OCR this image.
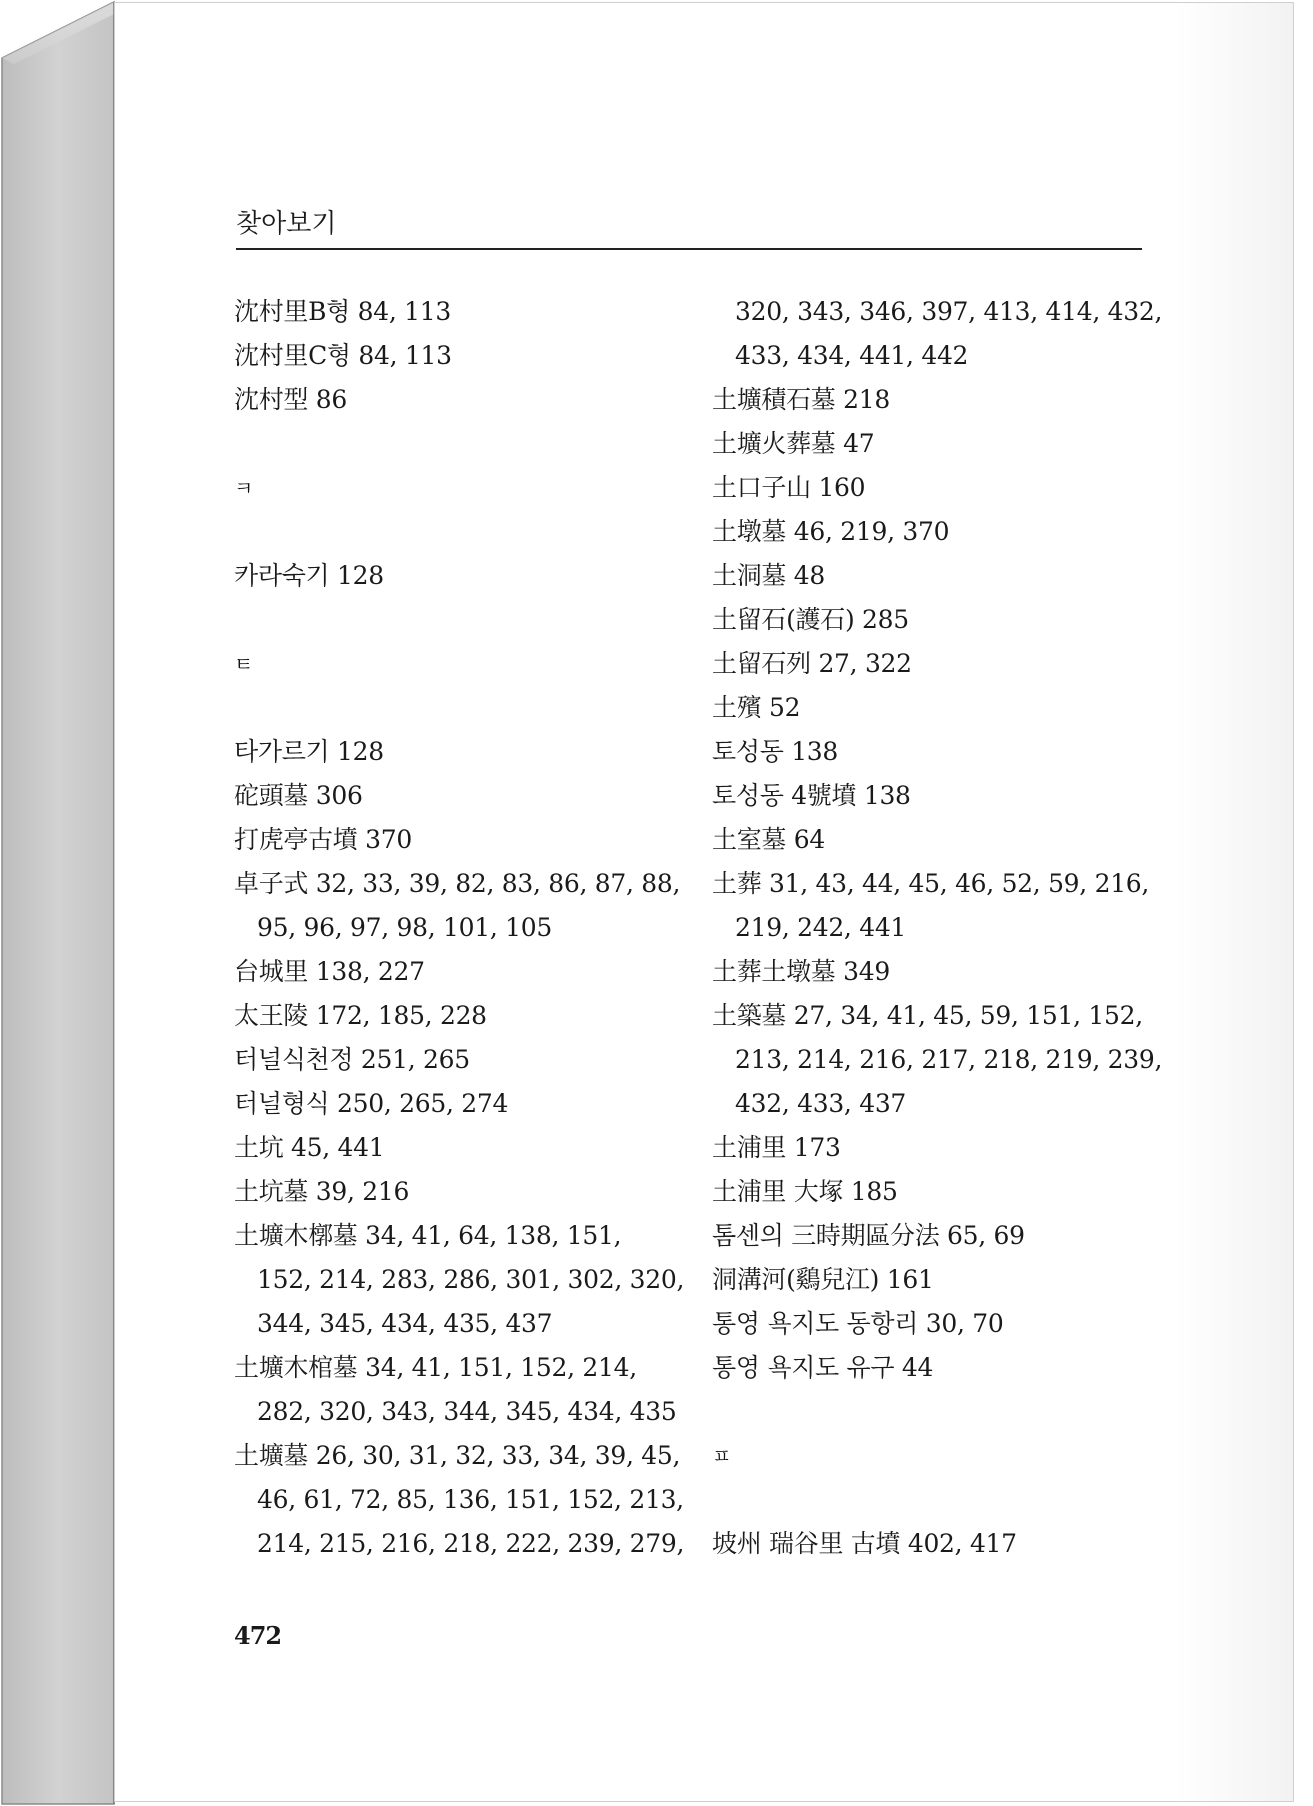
찾아보기
沈村里B형 84, 113
沈村里C형 84, 113
沈村型 86
ㅋ
카라숙기 128
ㅌ
타가르기 128
砣頭墓 306
打虎亭古墳 370
卓子式 32, 33, 39, 82, 83, 86, 87, 88,
95, 96, 97, 98, 101, 105
台城里 138, 227
太王陵 172, 185, 228
터널식천정 251, 265
터널형식 250, 265, 274
土坑 45, 441
土坑墓 39, 216
土壙木槨墓 34, 41, 64, 138, 151,
152, 214, 283, 286, 301, 302, 320,
344, 345, 434, 435, 437
土壙木棺墓 34, 41, 151, 152, 214,
282, 320, 343, 344, 345, 434, 435
土壙墓 26, 30, 31, 32, 33, 34, 39, 45,
46, 61, 72, 85, 136, 151, 152, 213,
214, 215, 216, 218, 222, 239, 279,
320, 343, 346, 397, 413, 414, 432,
433, 434, 441, 442
土壙積石墓 218
土壙火葬墓 47
土口子山 160
土墩墓 46, 219, 370
土洞墓 48
土留石(護石) 285
土留石列 27, 322
土殯 52
토성동 138
토성동 4號墳 138
土室墓 64
土葬 31, 43, 44, 45, 46, 52, 59, 216,
219, 242, 441
土葬土墩墓 349
土築墓 27, 34, 41, 45, 59, 151, 152,
213, 214, 216, 217, 218, 219, 239,
432, 433, 437
土浦里 173
土浦里 大塚 185
톰센의 三時期區分法 65, 69
洞溝河(鷄兒江) 161
통영 욕지도 동항리 30, 70
통영 욕지도 유구 44
ㅍ
坡州 瑞谷里 古墳 402, 417
472
